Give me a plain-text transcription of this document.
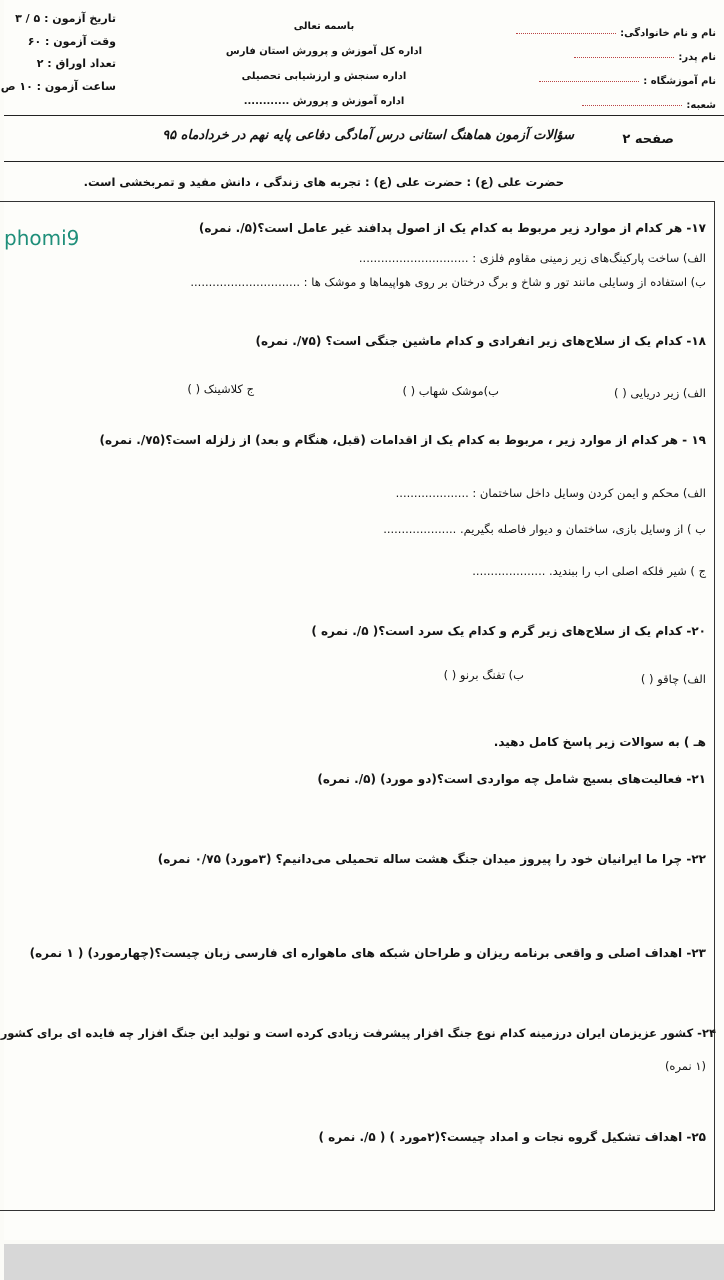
تاریخ آزمون : ۵ / ۳
وقت آزمون : ۶۰
تعداد اوراق : ۲
ساعت آزمون : ۱۰ ص
باسمه تعالی
اداره کل آموزش و پرورش استان فارس
اداره سنجش و ارزشیابی تحصیلی
اداره آموزش و پرورش ............
نام و نام خانوادگی:
نام پدر:
نام آموزشگاه :
شعبه:
صفحه ۲
سؤالات آزمون هماهنگ استانی درس آمادگی دفاعی پایه نهم در خردادماه ۹۵
حضرت علی (ع) : حضرت علی (ع) : تجربه های زندگی ، دانش مفید و تمربخشی است.
phomi9	۱۷- هر کدام از موارد زیر مربوط به کدام یک از اصول پدافند غیر عامل است؟(۵/. نمره)
الف) ساخت پارکینگ‌های زیر زمینی مقاوم فلزی : ..............................
ب) استفاده از وسایلی مانند تور و شاخ و برگ درختان بر روی هواپیماها و موشک ها : ..............................
۱۸- کدام یک از سلاح‌های زیر انفرادی و کدام ماشین جنگی است؟ (۷۵/. نمره)
الف) زیر دریایی ( )
ب)موشک شهاب ( )
ج کلاشینک ( )
۱۹ - هر کدام از موارد زیر ، مربوط به کدام یک از اقدامات (قبل، هنگام و بعد) از زلزله است؟(۷۵/. نمره)
الف) محکم و ایمن کردن وسایل داخل ساختمان : ....................
ب ) از وسایل بازی، ساختمان و دیوار فاصله بگیریم. ....................
ج ) شیر فلکه اصلی اب را ببندید. ....................
۲۰- کدام یک از سلاح‌های زیر گرم و کدام یک سرد است؟( ۵/. نمره )
الف) چاقو ( )
ب) تفنگ برنو ( )
هـ ) به سوالات زیر پاسخ کامل دهید.
۲۱- فعالیت‌های بسیج شامل چه مواردی است؟(دو مورد) (۵/. نمره)
۲۲- چرا ما ایرانیان خود را پیروز میدان جنگ هشت ساله تحمیلی می‌دانیم؟ (۳مورد) ۰/۷۵ نمره)
۲۳- اهداف اصلی و واقعی برنامه ریزان و طراحان شبکه های ماهواره ای فارسی زبان چیست؟(چهارمورد) ( ۱ نمره)
۲۴- کشور عزیزمان ایران درزمینه کدام نوع جنگ افزار پیشرفت زیادی کرده است و تولید این جنگ افزار چه فایده ای برای کشور
(۱ نمره)
۲۵- اهداف تشکیل گروه نجات و امداد چیست؟(۲مورد ) ( ۵/. نمره )
